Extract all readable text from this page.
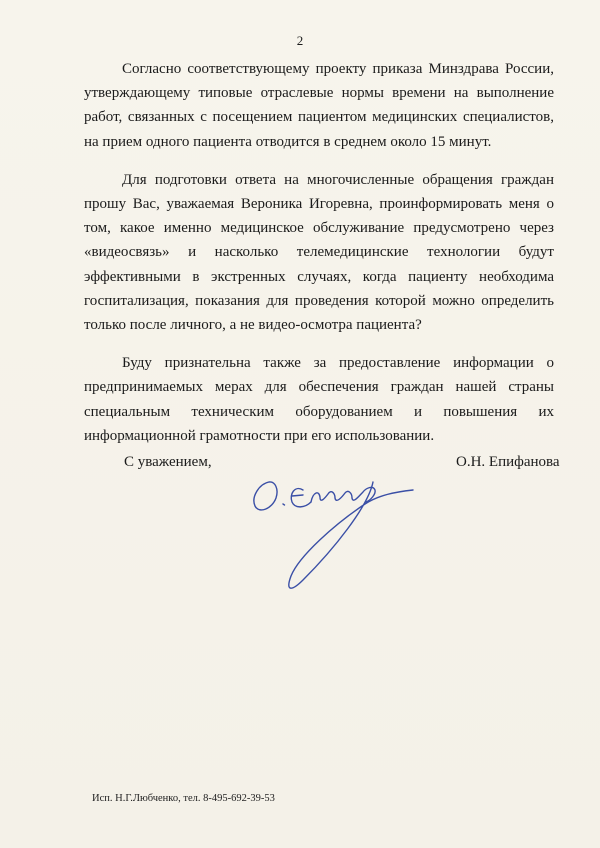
2

Согласно соответствующему проекту приказа Минздрава России, утверждающему типовые отраслевые нормы времени на выполнение работ, связанных с посещением пациентом медицинских специалистов, на прием одного пациента отводится в среднем около 15 минут.

Для подготовки ответа на многочисленные обращения граждан прошу Вас, уважаемая Вероника Игоревна, проинформировать меня о том, какое именно медицинское обслуживание предусмотрено через «видеосвязь» и насколько телемедицинские технологии будут эффективными в экстренных случаях, когда пациенту необходима госпитализация, показания для проведения которой можно определить только после личного, а не видео-осмотра пациента?

Буду признательна также за предоставление информации о предпринимаемых мерах для обеспечения граждан нашей страны специальным техническим оборудованием и повышения их информационной грамотности при его использовании.

С уважением,	О.Н. Епифанова
Исп. Н.Г.Любченко, тел. 8-495-692-39-53
